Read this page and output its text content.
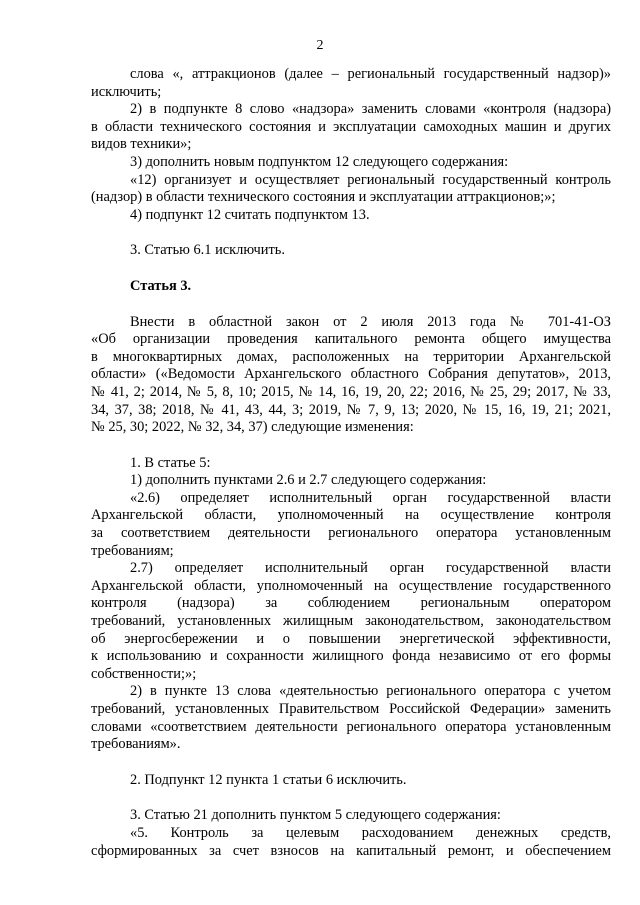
2
слова «, аттракционов (далее – региональный государственный надзор)»
исключить;
2) в подпункте 8 слово «надзора» заменить словами «контроля (надзора)
в области технического состояния и эксплуатации самоходных машин и других
видов техники»;
3) дополнить новым подпунктом 12 следующего содержания:
«12) организует и осуществляет региональный государственный контроль
(надзор) в области технического состояния и эксплуатации аттракционов;»;
4) подпункт 12 считать подпунктом 13.
3. Статью 6.1 исключить.
Статья 3.
Внести в областной закон от 2 июля 2013 года № 701-41-ОЗ
«Об организации проведения капитального ремонта общего имущества
в многоквартирных домах, расположенных на территории Архангельской
области» («Ведомости Архангельского областного Собрания депутатов», 2013,
№ 41, 2; 2014, № 5, 8, 10; 2015, № 14, 16, 19, 20, 22; 2016, № 25, 29; 2017, № 33,
34, 37, 38; 2018, № 41, 43, 44, 3; 2019, № 7, 9, 13; 2020, № 15, 16, 19, 21; 2021,
№ 25, 30; 2022, № 32, 34, 37) следующие изменения:
1. В статье 5:
1) дополнить пунктами 2.6 и 2.7 следующего содержания:
«2.6) определяет исполнительный орган государственной власти
Архангельской области, уполномоченный на осуществление контроля
за соответствием деятельности регионального оператора установленным
требованиям;
2.7) определяет исполнительный орган государственной власти
Архангельской области, уполномоченный на осуществление государственного
контроля (надзора) за соблюдением региональным оператором
требований, установленных жилищным законодательством, законодательством
об энергосбережении и о повышении энергетической эффективности,
к использованию и сохранности жилищного фонда независимо от его формы
собственности;»;
2) в пункте 13 слова «деятельностью регионального оператора с учетом
требований, установленных Правительством Российской Федерации» заменить
словами «соответствием деятельности регионального оператора установленным
требованиям».
2. Подпункт 12 пункта 1 статьи 6 исключить.
3. Статью 21 дополнить пунктом 5 следующего содержания:
«5. Контроль за целевым расходованием денежных средств,
сформированных за счет взносов на капитальный ремонт, и обеспечением
